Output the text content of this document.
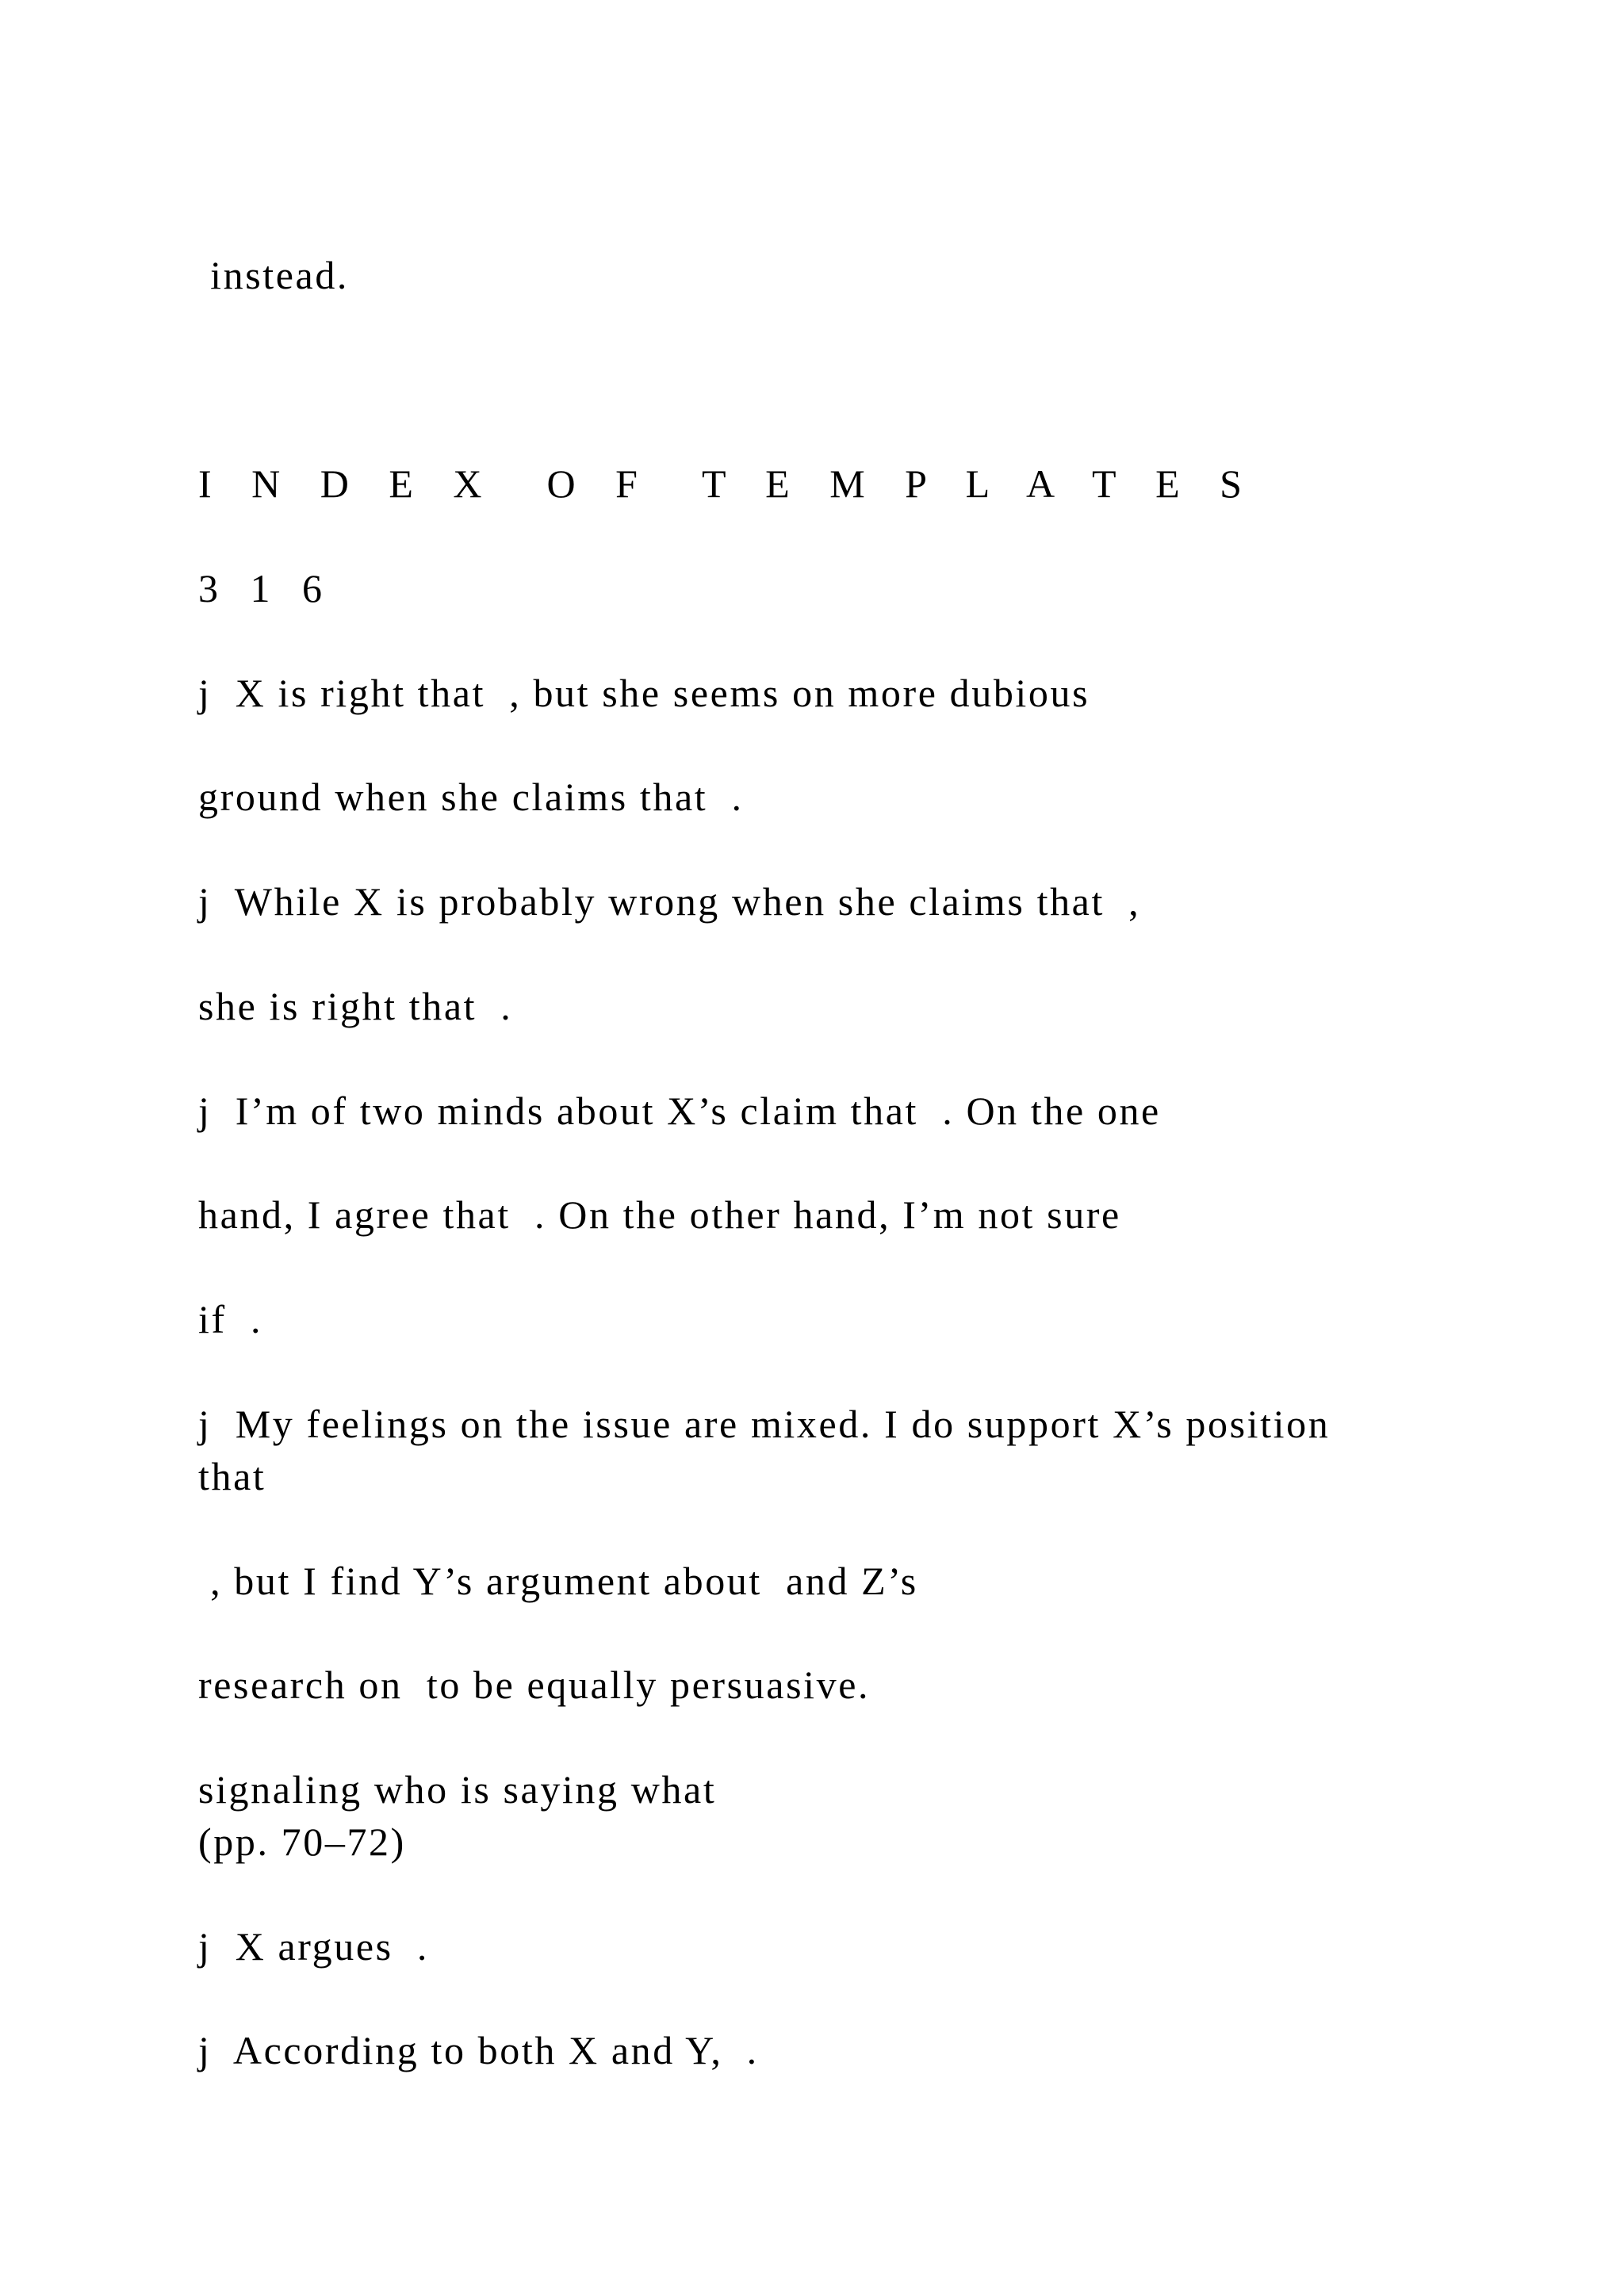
instead.

I N D E X  O F  T E M P L A T E S

3 1 6

j  X is right that  , but she seems on more dubious

ground when she claims that  .

j  While X is probably wrong when she claims that  ,

she is right that  .

j  I’m of two minds about X’s claim that  . On the one

hand, I agree that  . On the other hand, I’m not sure

if  .

j  My feelings on the issue are mixed. I do support X’s position

that

, but I find Y’s argument about  and Z’s

research on  to be equally persuasive.

signaling who is saying what

(pp. 70–72)

j  X argues  .

j  According to both X and Y,  .
